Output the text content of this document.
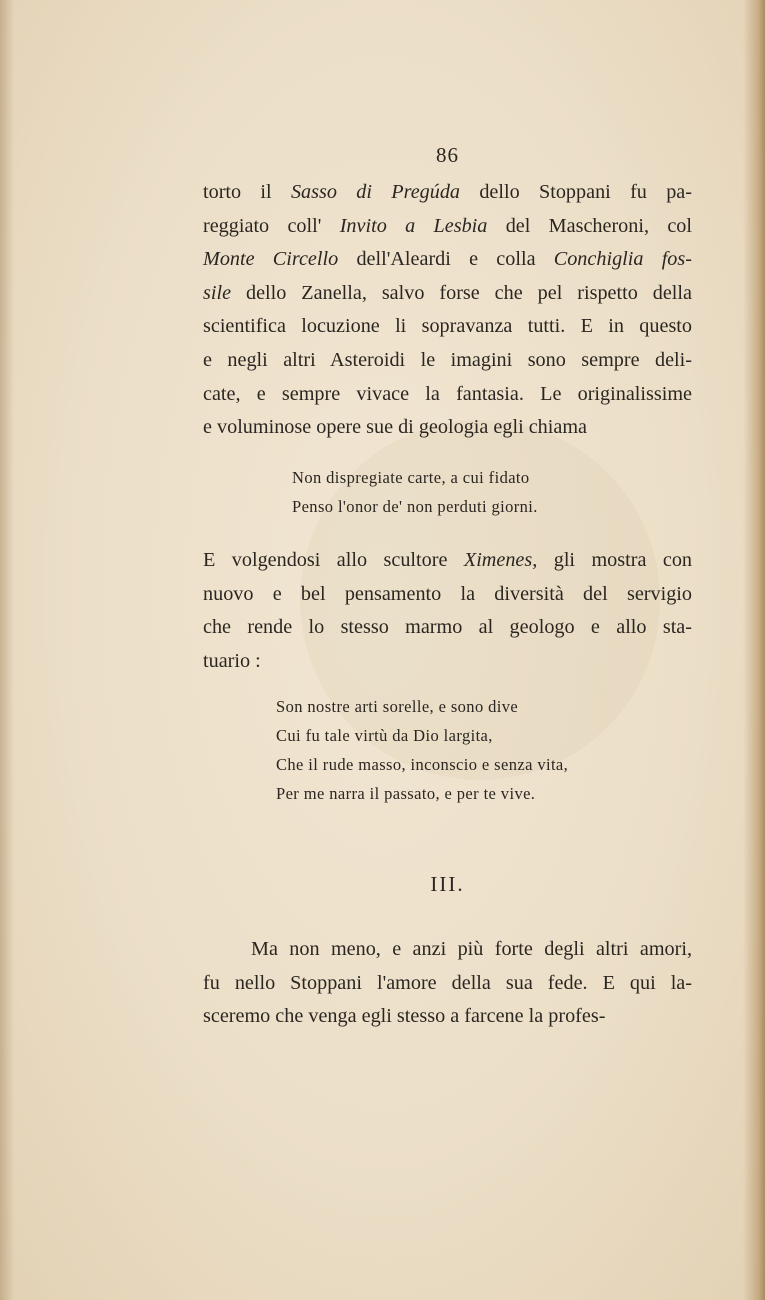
86

torto il Sasso di Pregúda dello Stoppani fu pa-
reggiato coll' Invito a Lesbia del Mascheroni, col
Monte Circello dell'Aleardi e colla Conchiglia fos-
sile dello Zanella, salvo forse che pel rispetto della
scientifica locuzione li sopravanza tutti. E in questo
e negli altri Asteroidi le imagini sono sempre deli-
cate, e sempre vivace la fantasia. Le originalissime
e voluminose opere sue di geologia egli chiama

Non dispregiate carte, a cui fidato
Penso l'onor de' non perduti giorni.

E volgendosi allo scultore Ximenes, gli mostra con
nuovo e bel pensamento la diversità del servigio
che rende lo stesso marmo al geologo e allo sta-
tuario :

Son nostre arti sorelle, e sono dive
Cui fu tale virtù da Dio largita,
Che il rude masso, inconscio e senza vita,
Per me narra il passato, e per te vive.
III.

Ma non meno, e anzi più forte degli altri amori,
fu nello Stoppani l'amore della sua fede. E qui la-
sceremo che venga egli stesso a farcene la profes-
